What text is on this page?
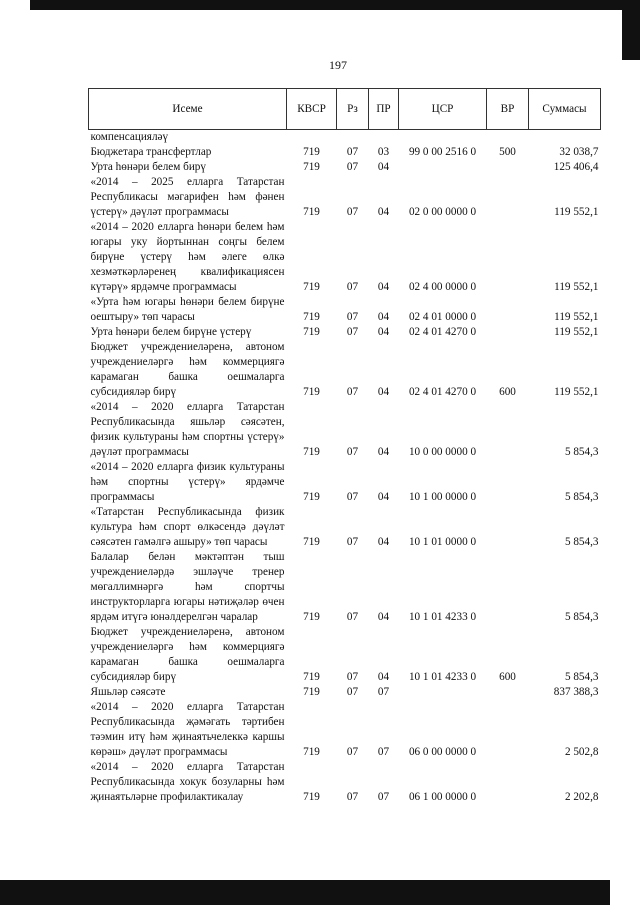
197
Исеме	КВСР	Рз	ПР	ЦСР	ВР	Суммасы
компенсацияләү						
Бюджетара трансфертлар	719	07	03	99 0 00 2516 0	500	32 038,7
Урта һөнәри белем бирү	719	07	04			125 406,4
«2014 – 2025 елларга Татарстан Республикасы мәгарифен һәм фәнен үстерү» дәүләт программасы	719	07	04	02 0 00 0000 0		119 552,1
«2014 – 2020 елларга һөнәри белем һәм югары уку йортыннан соңгы белем бирүне үстерү һәм әлеге өлкә хезмәткәрләренең квалификациясен күтәрү» ярдәмче программасы	719	07	04	02 4 00 0000 0		119 552,1
«Урта һәм югары һөнәри белем бирүне оештыру» төп чарасы	719	07	04	02 4 01 0000 0		119 552,1
Урта һөнәри белем бирүне үстерү	719	07	04	02 4 01 4270 0		119 552,1
Бюджет учреждениеләренә, автоном учреждениеләргә һәм коммерциягә карамаган башка оешмаларга субсидияләр бирү	719	07	04	02 4 01 4270 0	600	119 552,1
«2014 – 2020 елларга Татарстан Республикасында яшьләр сәясәтен, физик культураны һәм спортны үстерү» дәүләт программасы	719	07	04	10 0 00 0000 0		5 854,3
«2014 – 2020 елларга физик культураны һәм спортны үстерү» ярдәмче программасы	719	07	04	10 1 00 0000 0		5 854,3
«Татарстан Республикасында физик культура һәм спорт өлкәсендә дәүләт сәясәтен гамәлгә ашыру» төп чарасы	719	07	04	10 1 01 0000 0		5 854,3
Балалар белән мәктәптән тыш учреждениеләрдә эшләүче тренер мөгаллимнәргә һәм спортчы инструкторларга югары нәтиҗәләр өчен ярдәм итүгә юнәлдерелгән чаралар	719	07	04	10 1 01 4233 0		5 854,3
Бюджет учреждениеләренә, автоном учреждениеләргә һәм коммерциягә карамаган башка оешмаларга субсидияләр бирү	719	07	04	10 1 01 4233 0	600	5 854,3
Яшьләр сәясәте	719	07	07			837 388,3
«2014 – 2020 елларга Татарстан Республикасында җәмәгать тәртибен тәэмин итү һәм җинаятьчелеккә каршы көрәш» дәүләт программасы	719	07	07	06 0 00 0000 0		2 502,8
«2014 – 2020 елларга Татарстан Республикасында хокук бозуларны һәм җинаятьләрне профилактикалау	719	07	07	06 1 00 0000 0		2 202,8
